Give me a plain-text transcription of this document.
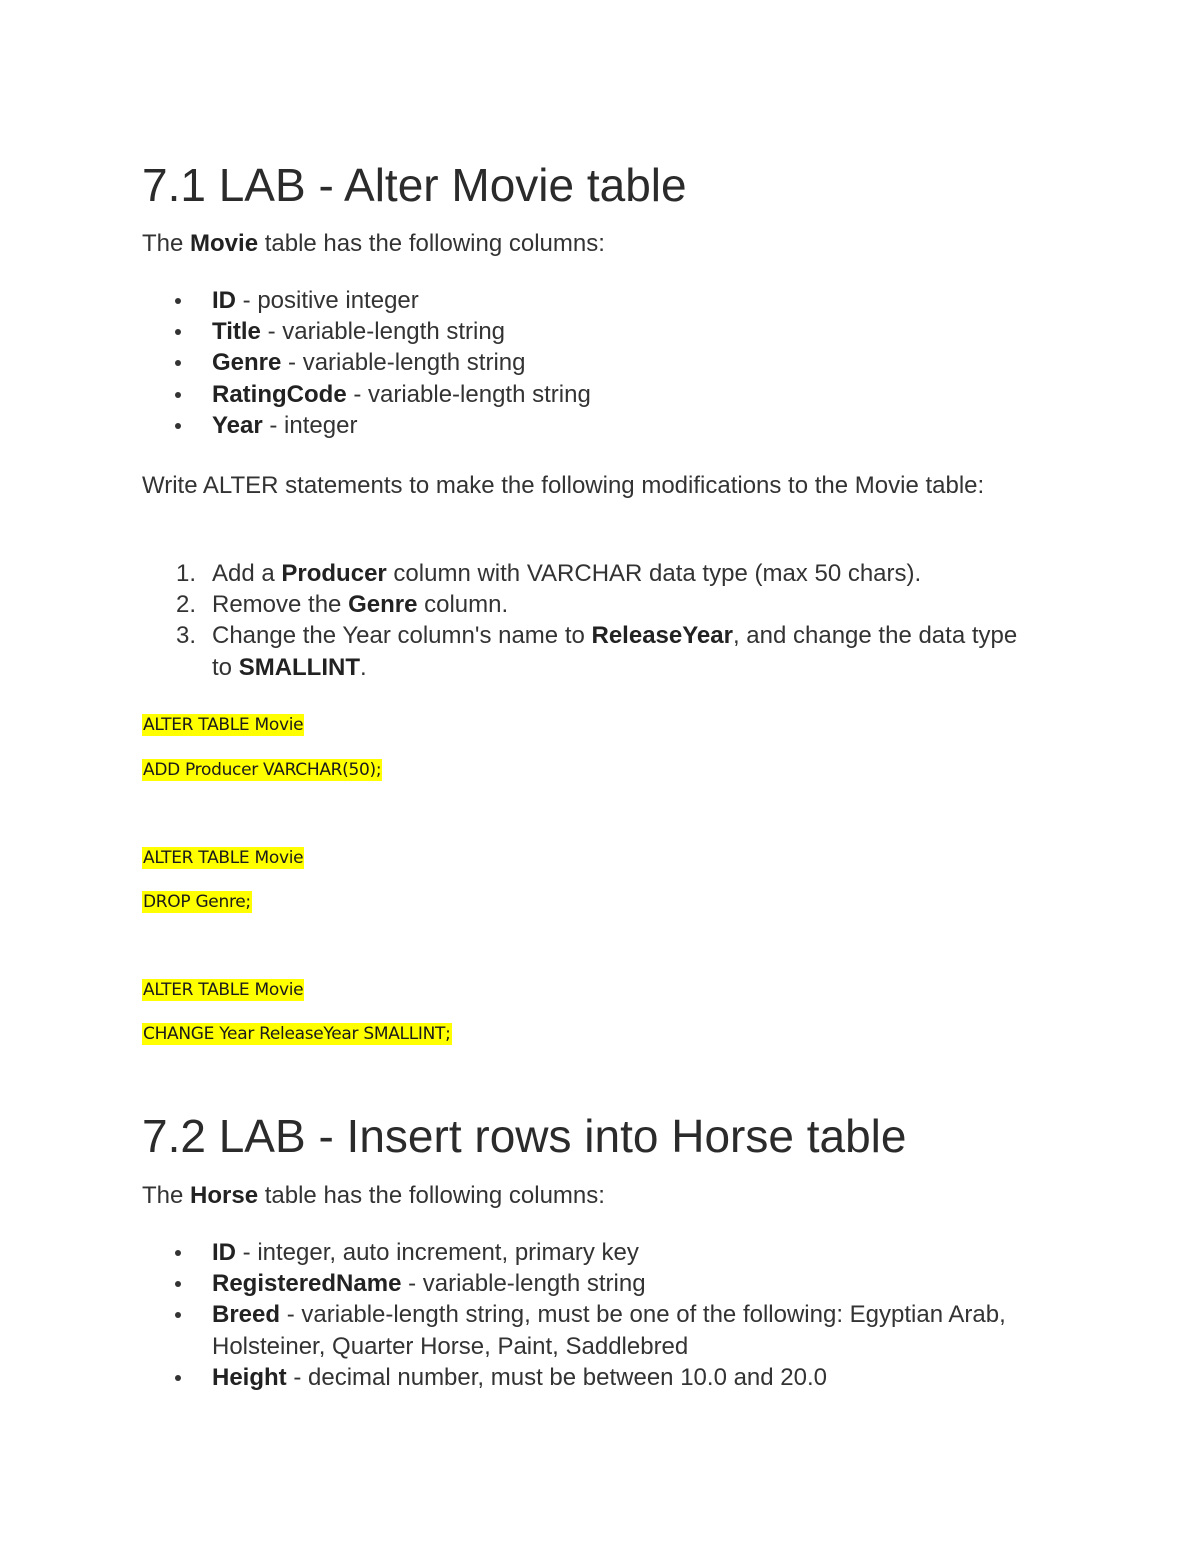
7.1 LAB - Alter Movie table

The Movie table has the following columns:

ID - positive integer
Title - variable-length string
Genre - variable-length string
RatingCode - variable-length string
Year - integer

Write ALTER statements to make the following modifications to the Movie table:

1. Add a Producer column with VARCHAR data type (max 50 chars).
2. Remove the Genre column.
3. Change the Year column's name to ReleaseYear, and change the data type to SMALLINT.
ALTER TABLE Movie
ADD Producer VARCHAR(50);
ALTER TABLE Movie
DROP Genre;
ALTER TABLE Movie
CHANGE Year ReleaseYear SMALLINT;
7.2 LAB - Insert rows into Horse table

The Horse table has the following columns:

ID - integer, auto increment, primary key
RegisteredName - variable-length string
Breed - variable-length string, must be one of the following: Egyptian Arab, Holsteiner, Quarter Horse, Paint, Saddlebred
Height - decimal number, must be between 10.0 and 20.0
